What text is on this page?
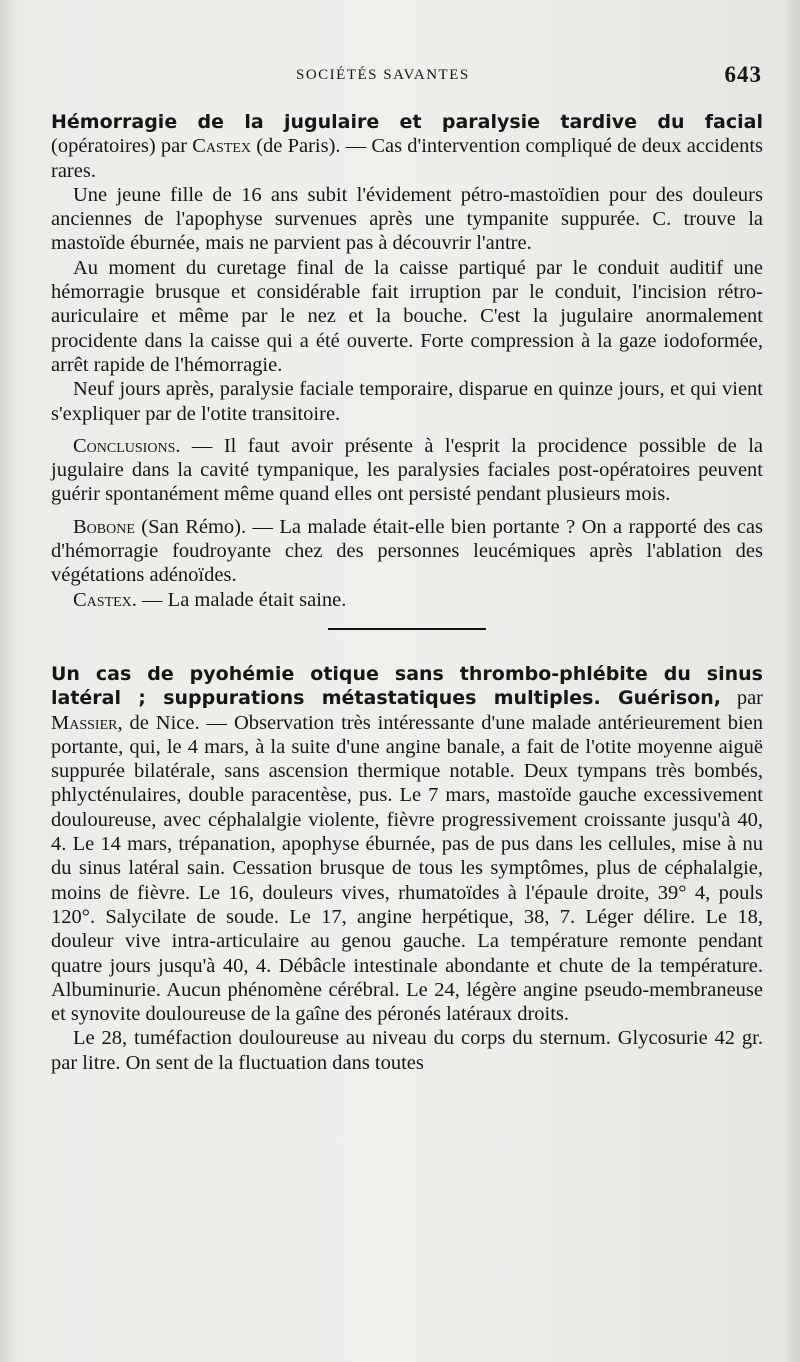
SOCIÉTÉS SAVANTES	643

Hémorragie de la jugulaire et paralysie tardive du facial (opératoires) par Castex (de Paris). — Cas d'intervention compliqué de deux accidents rares.

Une jeune fille de 16 ans subit l'évidement pétro-mastoïdien pour des douleurs anciennes de l'apophyse survenues après une tympanite suppurée. C. trouve la mastoïde éburnée, mais ne parvient pas à découvrir l'antre.

Au moment du curetage final de la caisse partiqué par le conduit auditif une hémorragie brusque et considérable fait irruption par le conduit, l'incision rétro-auriculaire et même par le nez et la bouche. C'est la jugulaire anormalement procidente dans la caisse qui a été ouverte. Forte compression à la gaze iodoformée, arrêt rapide de l'hémorragie.

Neuf jours après, paralysie faciale temporaire, disparue en quinze jours, et qui vient s'expliquer par de l'otite transitoire.

Conclusions. — Il faut avoir présente à l'esprit la procidence possible de la jugulaire dans la cavité tympanique, les paralysies faciales post-opératoires peuvent guérir spontanément même quand elles ont persisté pendant plusieurs mois.

Bobone (San Rémo). — La malade était-elle bien portante ? On a rapporté des cas d'hémorragie foudroyante chez des personnes leucémiques après l'ablation des végétations adénoïdes.

Castex. — La malade était saine.

Un cas de pyohémie otique sans thrombo-phlébite du sinus latéral ; suppurations métastatiques multiples. Guérison, par Massier, de Nice. — Observation très intéressante d'une malade antérieurement bien portante, qui, le 4 mars, à la suite d'une angine banale, a fait de l'otite moyenne aiguë suppurée bilatérale, sans ascension thermique notable. Deux tympans très bombés, phlycténulaires, double paracentèse, pus. Le 7 mars, mastoïde gauche excessivement douloureuse, avec céphalalgie violente, fièvre progressivement croissante jusqu'à 40, 4. Le 14 mars, trépanation, apophyse éburnée, pas de pus dans les cellules, mise à nu du sinus latéral sain. Cessation brusque de tous les symptômes, plus de céphalalgie, moins de fièvre. Le 16, douleurs vives, rhumatoïdes à l'épaule droite, 39° 4, pouls 120°. Salycilate de soude. Le 17, angine herpétique, 38, 7. Léger délire. Le 18, douleur vive intra-articulaire au genou gauche. La température remonte pendant quatre jours jusqu'à 40, 4. Débâcle intestinale abondante et chute de la température. Albuminurie. Aucun phénomène cérébral. Le 24, légère angine pseudo-membraneuse et synovite douloureuse de la gaîne des péronés latéraux droits.

Le 28, tuméfaction douloureuse au niveau du corps du sternum. Glycosurie 42 gr. par litre. On sent de la fluctuation dans toutes
